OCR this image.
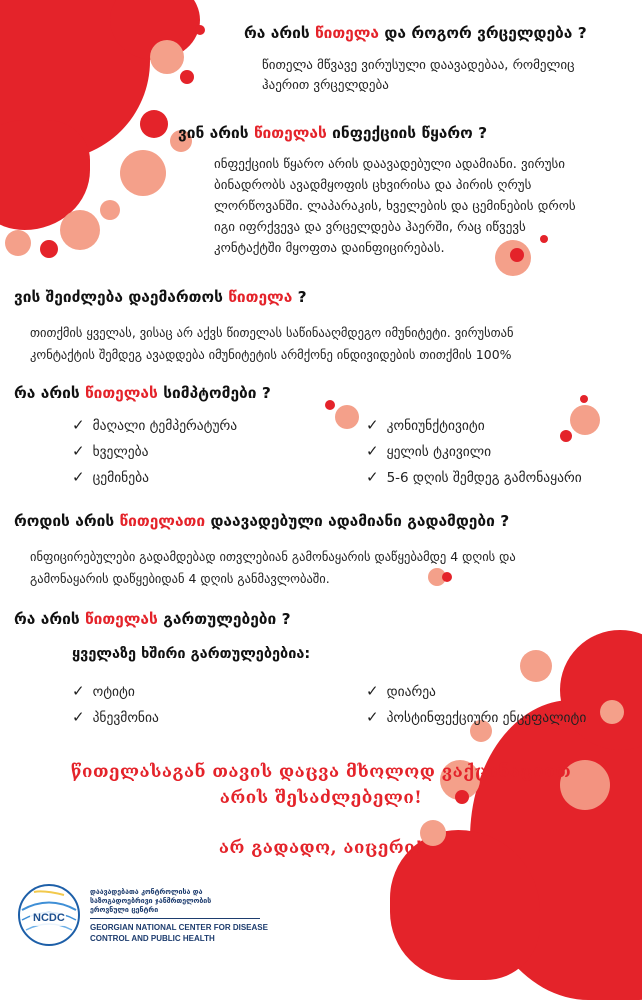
რა არის წითელა და როგორ ვრცელდება ?
წითელა მწვავე ვირუსული დაავადებაა, რომელიც
ჰაერით ვრცელდება
ვინ არის წითელას ინფექციის წყარო ?
ინფექციის წყარო არის დაავადებული ადამიანი. ვირუსი
ბინადრობს ავადმყოფის ცხვირისა და პირის ღრუს
ლორწოვანში. ლაპარაკის, ხველების და ცემინების დროს
იგი იფრქვევა და ვრცელდება ჰაერში, რაც იწვევს
კონტაქტში მყოფთა დაინფიცირებას.
ვის შეიძლება დაემართოს წითელა ?
თითქმის ყველას, ვისაც არ აქვს წითელას საწინააღმდეგო იმუნიტეტი. ვირუსთან
კონტაქტის შემდეგ ავადდება იმუნიტეტის არმქონე ინდივიდების თითქმის 100%
რა არის წითელას სიმპტომები ?
✓ მაღალი ტემპერატურა
✓ ხველება
✓ ცემინება
✓ კონიუნქტივიტი
✓ ყელის ტკივილი
✓ 5-6 დღის შემდეგ გამონაყარი
როდის არის წითელათი დაავადებული ადამიანი გადამდები ?
ინფიცირებულები გადამდებად ითვლებიან გამონაყარის დაწყებამდე 4 დღის და
გამონაყარის დაწყებიდან 4 დღის განმავლობაში.
რა არის წითელას გართულებები ?
ყველაზე ხშირი გართულებებია:
✓ ოტიტი
✓ პნევმონია
✓ დიარეა
✓ პოსტინფექციური ენცეფალიტი
წითელასაგან თავის დაცვა მხოლოდ ვაქცინაციით
არის შესაძლებელი!
არ გადადო, აიცერი!
NCDC
დაავადებათა კონტროლისა და
საზოგადოებრივი ჯანმრთელობის
ეროვნული ცენტრი
GEORGIAN NATIONAL CENTER FOR DISEASE
CONTROL AND PUBLIC HEALTH
